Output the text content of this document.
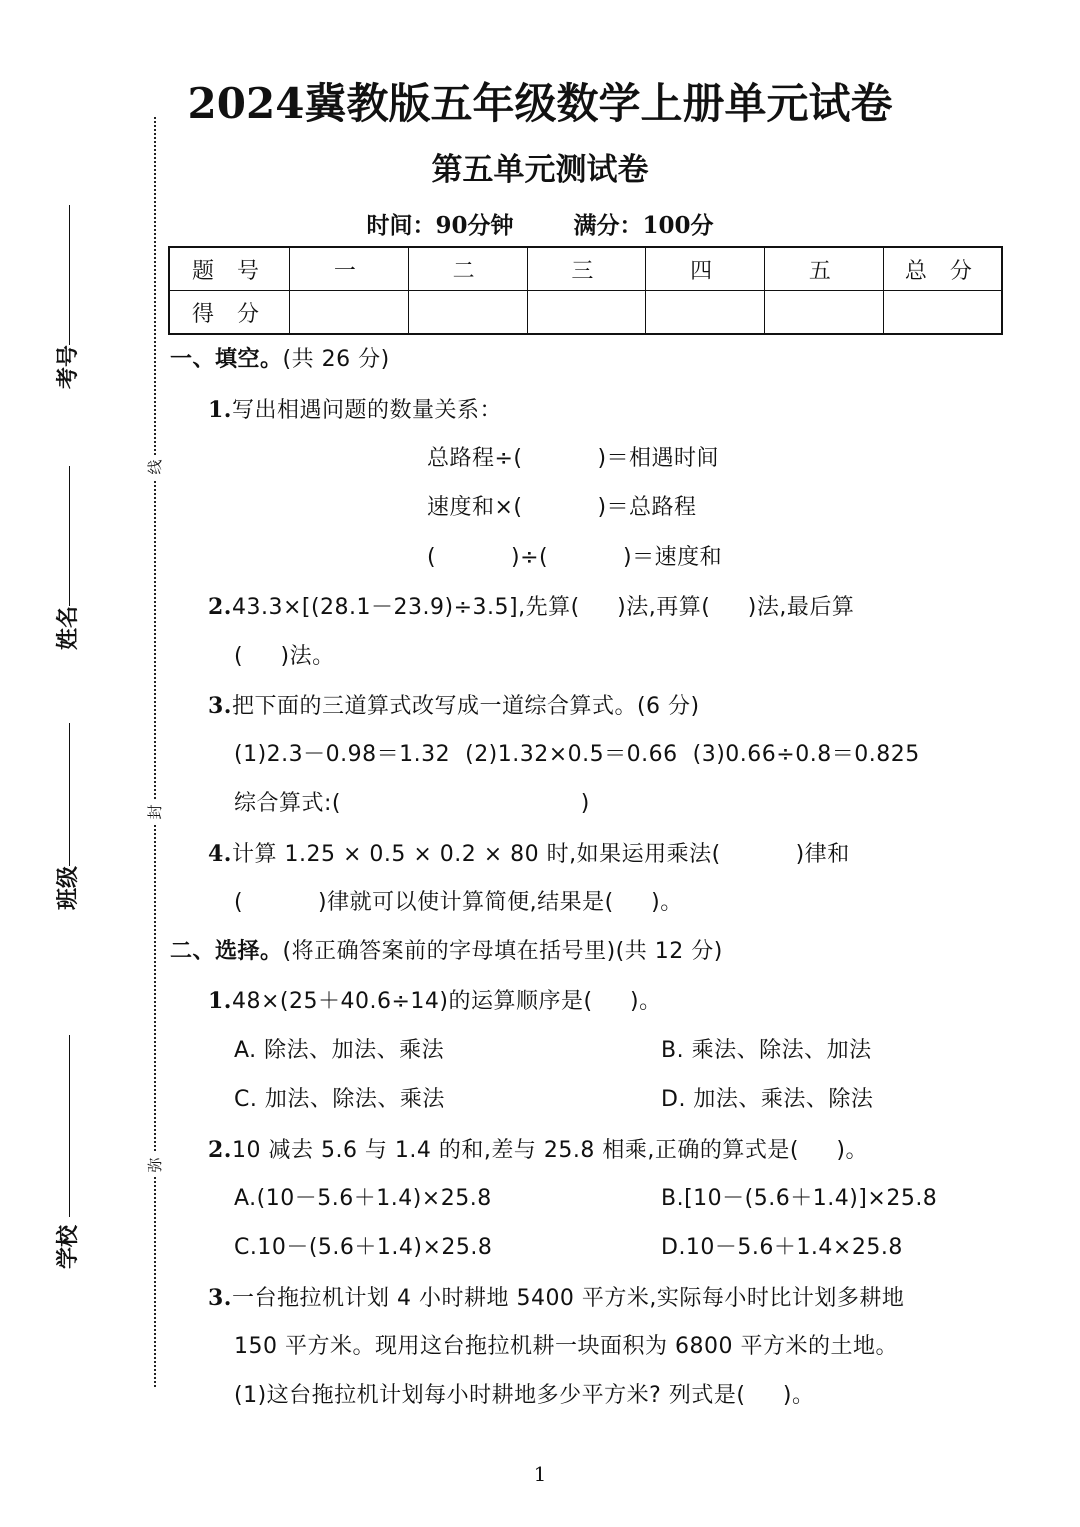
线
封
弥
考号
姓名
班级
学校
2024冀教版五年级数学上册单元试卷
第五单元测试卷
时间：90分钟	满分：100分
题 号	一	二	三	四	五	总 分
得 分						
一、填空。(共 26 分)
1.写出相遇问题的数量关系：
总路程÷(          )＝相遇时间
速度和×(          )＝总路程
(          )÷(          )＝速度和
2.43.3×[(28.1－23.9)÷3.5],先算(     )法,再算(     )法,最后算
(     )法。
3.把下面的三道算式改写成一道综合算式。(6 分)
(1)2.3－0.98＝1.32  (2)1.32×0.5＝0.66  (3)0.66÷0.8＝0.825
综合算式:(                                )
4.计算 1.25 × 0.5 × 0.2 × 80 时,如果运用乘法(          )律和
(          )律就可以使计算简便,结果是(     )。
二、选择。(将正确答案前的字母填在括号里)(共 12 分)
1.48×(25＋40.6÷14)的运算顺序是(     )。
A. 除法、加法、乘法	B. 乘法、除法、加法
C. 加法、除法、乘法	D. 加法、乘法、除法
2.10 减去 5.6 与 1.4 的和,差与 25.8 相乘,正确的算式是(     )。
A.(10－5.6＋1.4)×25.8	B.[10－(5.6＋1.4)]×25.8
C.10－(5.6＋1.4)×25.8	D.10－5.6＋1.4×25.8
3.一台拖拉机计划 4 小时耕地 5400 平方米,实际每小时比计划多耕地
150 平方米。现用这台拖拉机耕一块面积为 6800 平方米的土地。
(1)这台拖拉机计划每小时耕地多少平方米? 列式是(     )。
1
